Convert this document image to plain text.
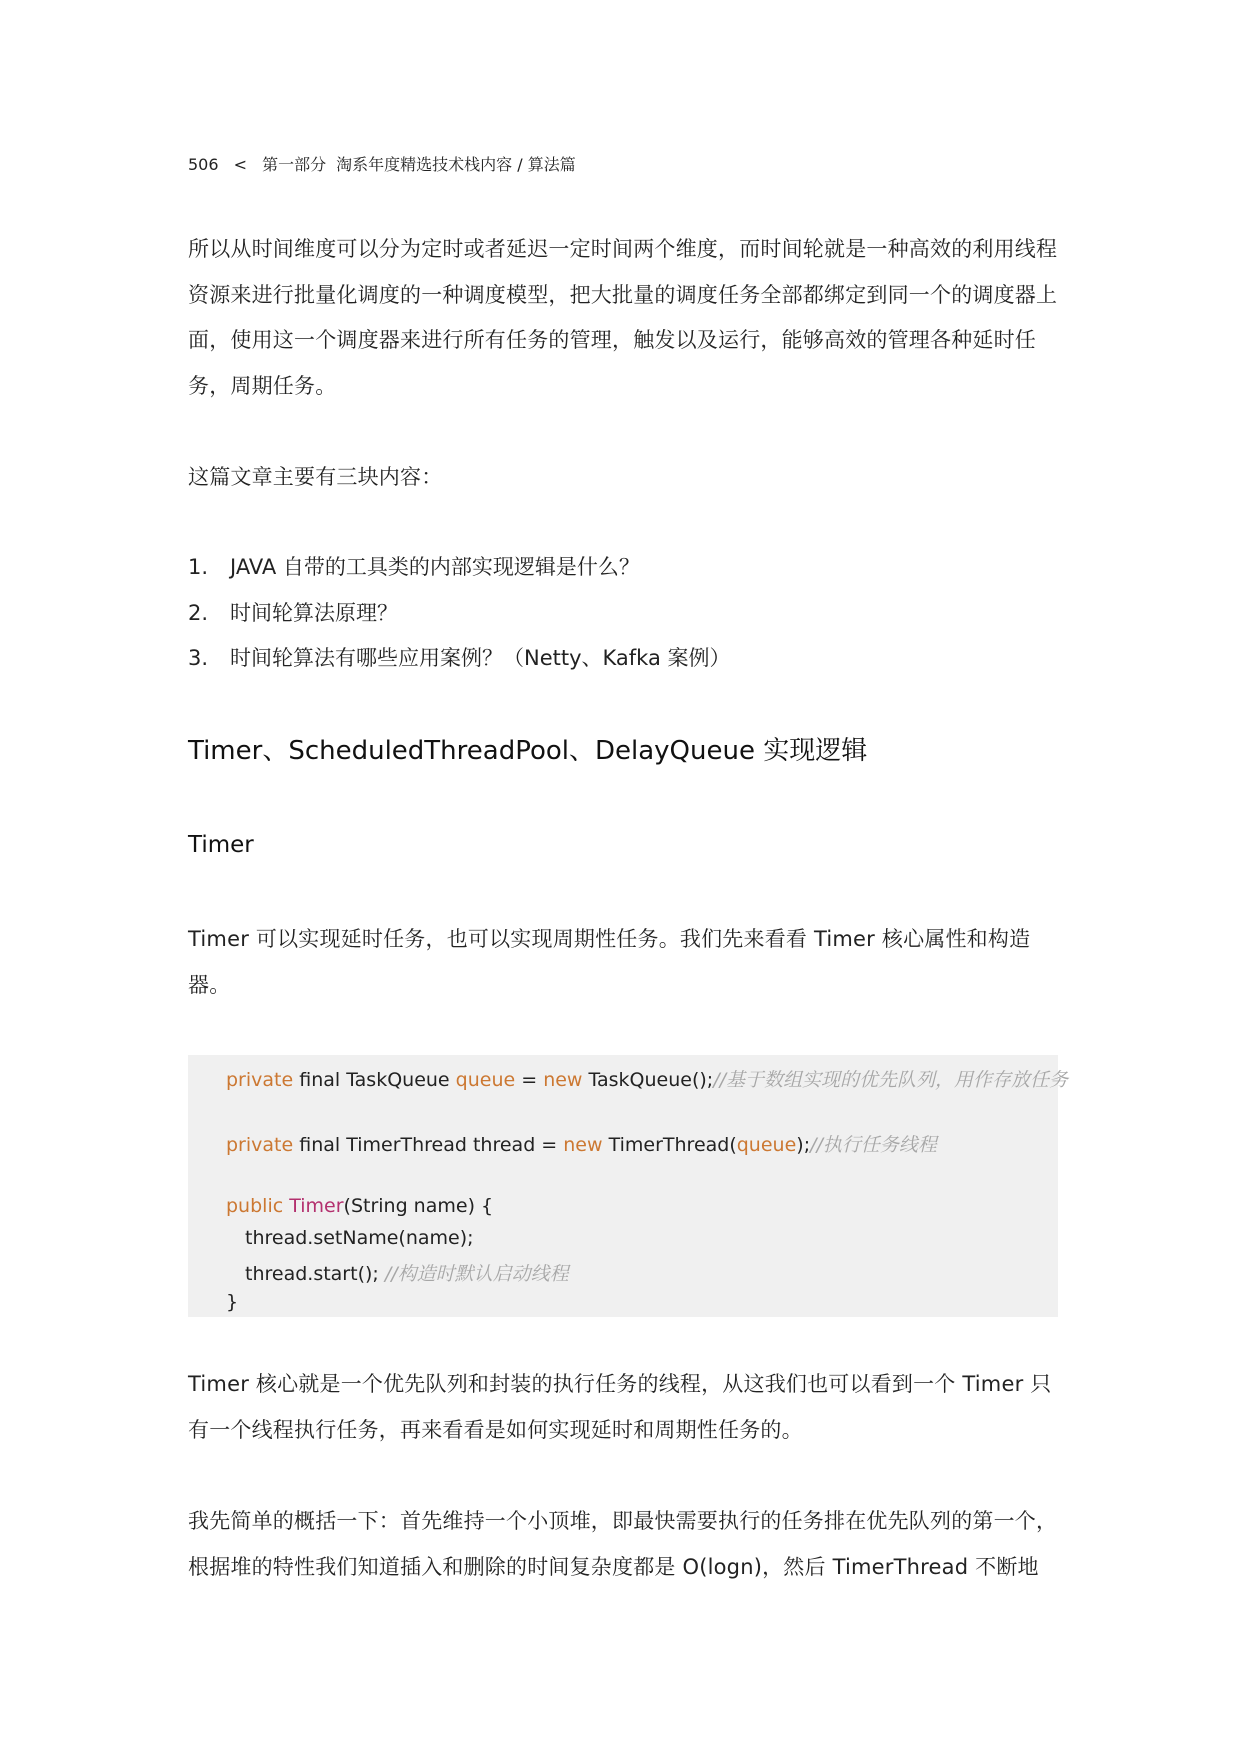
506 < 第一部分 淘系年度精选技术栈内容 / 算法篇
所以从时间维度可以分为定时或者延迟一定时间两个维度，而时间轮就是一种高效的利用线程资源来进行批量化调度的一种调度模型，把大批量的调度任务全部都绑定到同一个的调度器上面，使用这一个调度器来进行所有任务的管理，触发以及运行，能够高效的管理各种延时任务，周期任务。
这篇文章主要有三块内容：
1.	JAVA 自带的工具类的内部实现逻辑是什么？
2.	时间轮算法原理？
3.	时间轮算法有哪些应用案例？（Netty、Kafka 案例）
Timer、ScheduledThreadPool、DelayQueue 实现逻辑
Timer
Timer 可以实现延时任务，也可以实现周期性任务。我们先来看看 Timer 核心属性和构造器。
private final TaskQueue queue = new TaskQueue();//基于数组实现的优先队列，用作存放任务
private final TimerThread thread = new TimerThread(queue);//执行任务线程
public Timer(String name) {
thread.setName(name);
thread.start(); //构造时默认启动线程
}
Timer 核心就是一个优先队列和封装的执行任务的线程，从这我们也可以看到一个 Timer 只有一个线程执行任务，再来看看是如何实现延时和周期性任务的。
我先简单的概括一下：首先维持一个小顶堆，即最快需要执行的任务排在优先队列的第一个，根据堆的特性我们知道插入和删除的时间复杂度都是 O(logn)，然后 TimerThread 不断地
